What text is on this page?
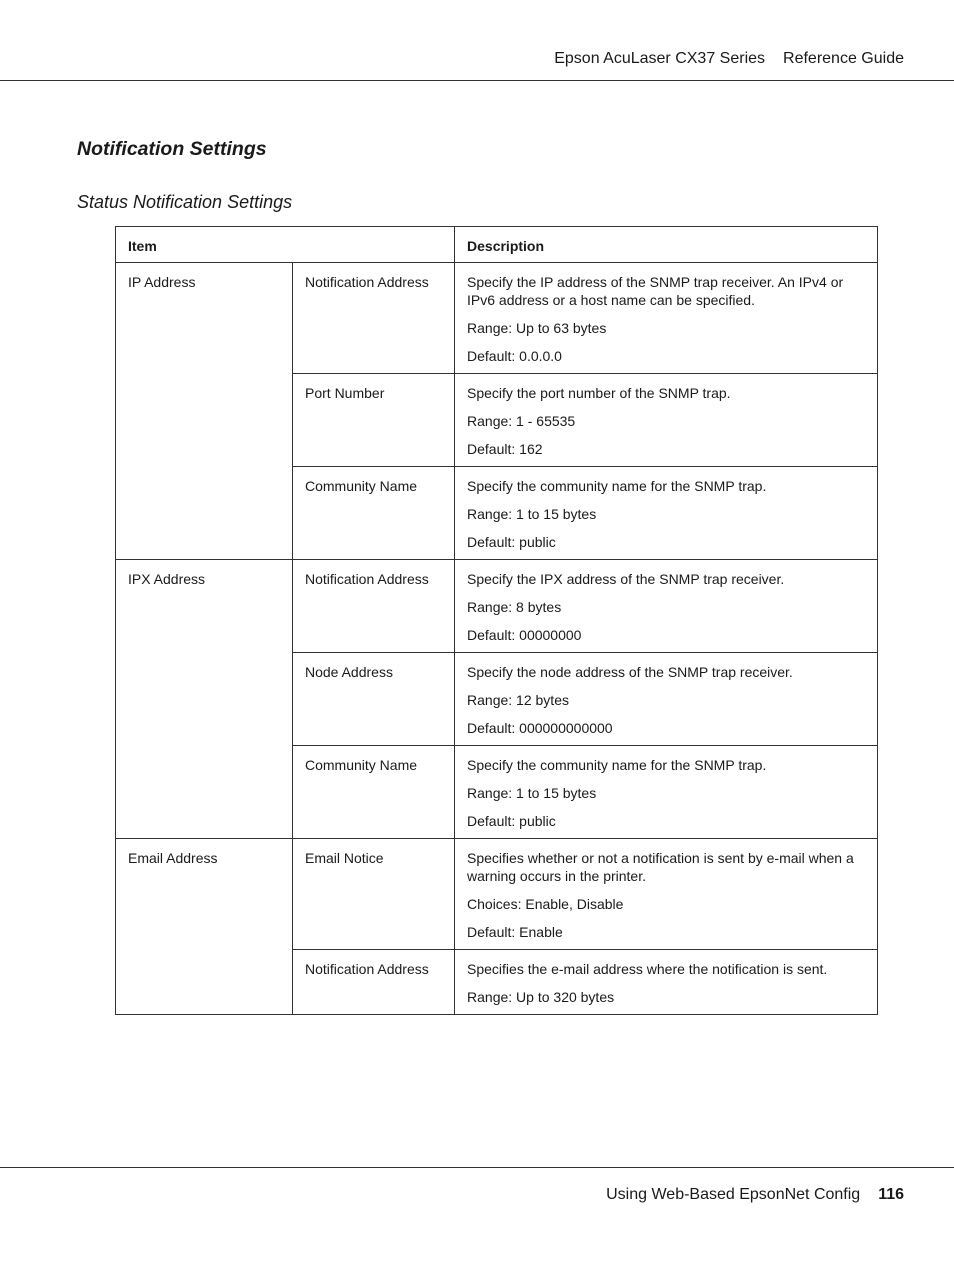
Epson AcuLaser CX37 Series Reference Guide
Notification Settings
Status Notification Settings
Item		Description
IP Address	Notification Address	Specify the IP address of the SNMP trap receiver. An IPv4 or IPv6 address or a host name can be specified.

Range: Up to 63 bytes

Default: 0.0.0.0

	Port Number	Specify the port number of the SNMP trap.

Range: 1 - 65535

Default: 162

	Community Name	Specify the community name for the SNMP trap.

Range: 1 to 15 bytes

Default: public

IPX Address	Notification Address	Specify the IPX address of the SNMP trap receiver.

Range: 8 bytes

Default: 00000000

	Node Address	Specify the node address of the SNMP trap receiver.

Range: 12 bytes

Default: 000000000000

	Community Name	Specify the community name for the SNMP trap.

Range: 1 to 15 bytes

Default: public

Email Address	Email Notice	Specifies whether or not a notification is sent by e-mail when a warning occurs in the printer.

Choices: Enable, Disable

Default: Enable

	Notification Address	Specifies the e-mail address where the notification is sent.

Range: Up to 320 bytes

Using Web-Based EpsonNet Config 116
